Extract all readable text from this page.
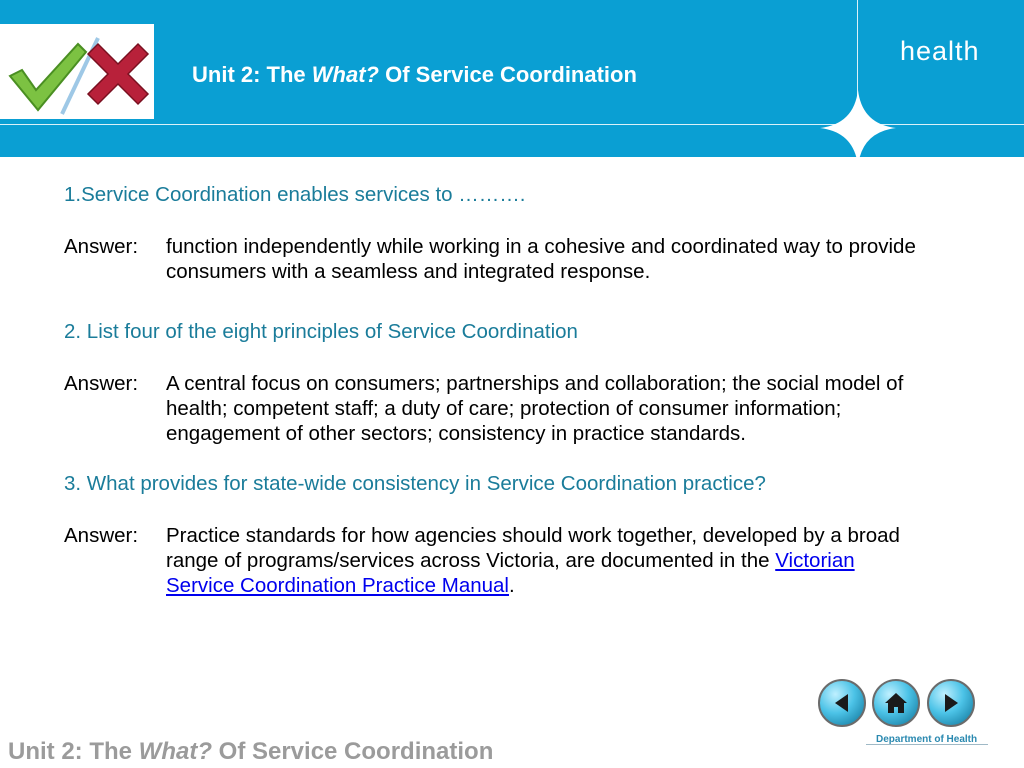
Unit 2: The What? Of Service Coordination
health

1.Service Coordination enables services to ……….

Answer:	function independently while working in a cohesive and coordinated way to provide consumers with a seamless and integrated response.

2. List four of the eight principles of Service Coordination

Answer:	A central focus on consumers; partnerships and collaboration; the social model of health; competent staff; a duty of care; protection of consumer information; engagement of other sectors; consistency in practice standards.

3. What provides for state-wide consistency in Service Coordination practice?

Answer:	Practice standards for how agencies should work together, developed by a broad range of programs/services across Victoria, are documented in the Victorian Service Coordination Practice Manual.
Unit 2: The What? Of Service Coordination	Department of Health
